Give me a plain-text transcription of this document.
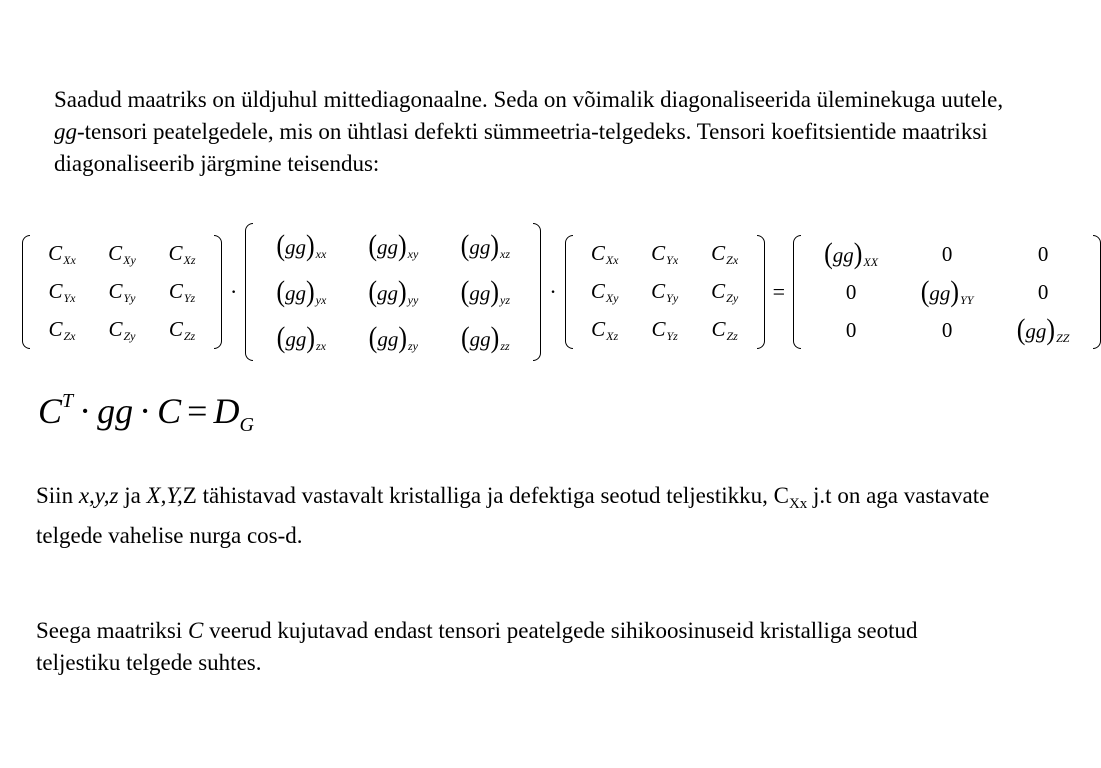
Saadud maatriks on üldjuhul mittediagonaalne. Seda on võimalik diagonaliseerida üleminekuga uutele, gg-tensori peatelgedele, mis on ühtlasi defekti sümmeetria-telgedeks. Tensori koefitsientide maatriksi diagonaliseerib järgmine teisendus:

$C_{Xx}$ $C_{Xy}$ $C_{Xz}$
$C_{Yx}$ $C_{Yy}$ $C_{Yz}$
$C_{Zx}$ $C_{Zy}$ $C_{Zz}$
·
$(gg)_{xx}$ $(gg)_{xy}$ $(gg)_{xz}$
$(gg)_{yx}$ $(gg)_{yy}$ $(gg)_{yz}$
$(gg)_{zx}$ $(gg)_{zy}$ $(gg)_{zz}$
·
$C_{Xx}$ $C_{Yx}$ $C_{Zx}$
$C_{Xy}$ $C_{Yy}$ $C_{Zy}$
$C_{Xz}$ $C_{Yz}$ $C_{Zz}$
=
$(gg)_{XX}$	0	0
0 $(gg)_{YY}$	0
0	0 $(gg)_{ZZ}$
$C^T$ · gg · $C = D_G$

Siin x,y,z ja X,Y,Z tähistavad vastavalt kristalliga ja defektiga seotud teljestikku, $C_{Xx}$ j.t on aga vastavate telgede vahelise nurga cos-d.

Seega maatriksi C veerud kujutavad endast tensori peatelgede sihikoosinuseid kristalliga seotud teljestiku telgede suhtes.
